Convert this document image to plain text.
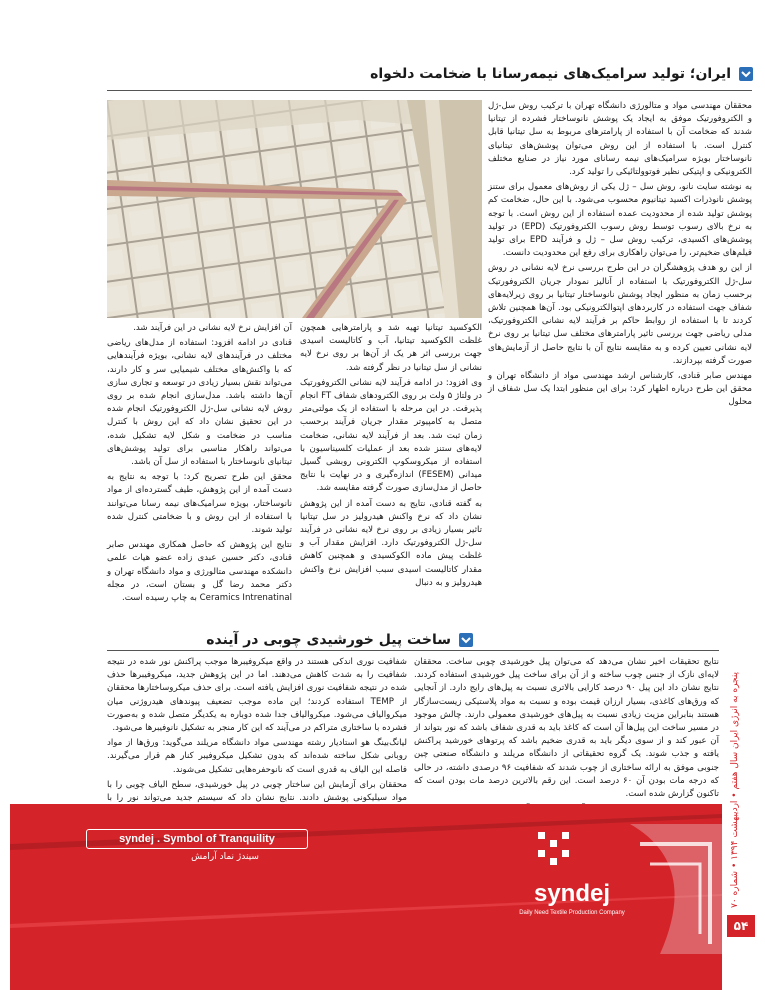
ایران؛ تولید سرامیک‌های نیمه‌رسانا با ضخامت دلخواه

محققان مهندسی مواد و متالورژی دانشگاه تهران با ترکیب روش سل-ژل و الکتروفورتیک موفق به ایجاد یک پوشش نانوساختار فشرده از تیتانیا شدند که ضخامت آن با استفاده از پارامترهای مربوط به سل تیتانیا قابل کنترل است. با استفاده از این روش می‌توان پوشش‌های تیتانیای نانوساختار بویژه سرامیک‌های نیمه رسانای مورد نیاز در صنایع مختلف الکترونیکی و اپتیکی نظیر فوتوولتائیکی را تولید کرد.

به نوشته سایت نانو، روش سل – ژل یکی از روش‌های معمول برای ستنز پوشش نانوذرات اکسید تیتانیوم محسوب می‌شود. با این حال، ضخامت کم پوشش تولید شده از محدودیت عمده استفاده از این روش است. با توجه به نرخ بالای رسوب توسط روش رسوب الکتروفورتیک (EPD) در تولید پوشش‌های اکسیدی، ترکیب روش سل – ژل و فرآیند EPD برای تولید فیلم‌های ضخیم‌تر، را می‌توان راهکاری برای رفع این محدودیت دانست.

از این رو هدف پژوهشگران در این طرح بررسی نرخ لایه نشانی در روش سل-ژل الکتروفورتیک با استفاده از آنالیز نمودار جریان الکتروفورتیک برحسب زمان به منظور ایجاد پوشش نانوساختار تیتانیا بر روی زیرلایه‌های شفاف جهت استفاده در کاربردهای اپتوالکترونیکی بود. آن‌ها همچنین تلاش کردند تا با استفاده از روابط حاکم بر فرآیند لایه نشانی الکتروفورتیک، مدلی ریاضی جهت بررسی تاثیر پارامترهای مختلف سل تیتانیا بر روی نرخ لایه نشانی تعیین کرده و به مقایسه نتایج آن با نتایج حاصل از آزمایش‌های صورت گرفته بپردازند.

مهندس صابر قنادی، کارشناس ارشد مهندسی مواد از دانشگاه تهران و محقق این طرح درباره اظهار کرد: برای این منظور ابتدا یک سل شفاف از محلول

الکوکسید تیتانیا تهیه شد و پارامترهایی همچون غلظت الکوکسید تیتانیا، آب و کاتالیست اسیدی جهت بررسی اثر هر یک از آن‌ها بر روی نرخ لایه نشانی از سل تیتانیا در نظر گرفته شد.

وی افزود: در ادامه فرآیند لایه نشانی الکتروفورتیک در ولتاژ ۵ ولت بر روی الکترودهای شفاف FT انجام پذیرفت. در این مرحله با استفاده از یک مولتی‌متر متصل به کامپیوتر مقدار جریان فرآیند برحسب زمان ثبت شد. بعد از فرآیند لایه نشانی، ضخامت لایه‌های ستنز شده بعد از عملیات کلسیناسیون با استفاده از میکروسکوپ الکترونی روبشی گسیل میدانی (FESEM) اندازه‌گیری و در نهایت با نتایج حاصل از مدل‌سازی صورت گرفته مقایسه شد.

به گفته قنادی، نتایج به دست آمده از این پژوهش نشان داد که نرخ واکنش هیدرولیز در سل تیتانیا تاثیر بسیار زیادی بر روی نرخ لایه نشانی در فرآیند سل-ژل الکتروفورتیک دارد. افزایش مقدار آب و غلظت پیش ماده الکوکسیدی و همچنین کاهش مقدار کاتالیست اسیدی سبب افزایش نرخ واکنش هیدرولیز و به دنبال

آن افزایش نرخ لایه نشانی در این فرآیند شد.

قنادی در ادامه افزود: استفاده از مدل‌های ریاضی مختلف در فرآیندهای لایه نشانی، بویژه فرآیندهایی که با واکنش‌های مختلف شیمیایی سر و کار دارند، می‌تواند نقش بسیار زیادی در توسعه و تجاری سازی آن‌ها داشته باشد. مدل‌سازی انجام شده بر روی روش لایه نشانی سل-ژل الکتروفورتیک انجام شده در این تحقیق نشان داد که این روش با کنترل مناسب در ضخامت و شکل لایه تشکیل شده، می‌تواند راهکار مناسبی برای تولید پوشش‌های تیتانیای نانوساختار با استفاده از سل آن باشد.

محقق این طرح تصریح کرد: با توجه به نتایج به دست آمده از این پژوهش، طیف گسترده‌ای از مواد نانوساختار، بویژه سرامیک‌های نیمه رسانا می‌توانند با استفاده از این روش و با ضخامتی کنترل شده تولید شوند.

نتایج این پژوهش که حاصل همکاری مهندس صابر قنادی، دکتر حسین عبدی زاده عضو هیات علمی دانشکده مهندسی متالورژی و مواد دانشگاه تهران و دکتر محمد رضا گل و بستان است، در مجله Ceramics Intrenatinal به چاپ رسیده است.

ساخت پیل خورشیدی چوبی در آینده

نتایج تحقیقات اخیر نشان می‌دهد که می‌توان پیل خورشیدی چوبی ساخت. محققان لایه‌ای نازک از جنس چوب ساخته و از آن برای ساخت پیل خورشیدی استفاده کردند. نتایج نشان داد این پیل ۹۰ درصد کارایی بالاتری نسبت به پیل‌های رایج دارد. از آنجایی که ورق‌های کاغذی، بسیار ارزان قیمت بوده و نسبت به مواد پلاستیکی زیست‌سازگار هستند بنابراین مزیت زیادی نسبت به پیل‌های خورشیدی معمولی دارند. چالش موجود در مسیر ساخت این پیل‌ها آن است که کاغذ باید به قدری شفاف باشد که نور بتواند از آن عبور کند و از سوی دیگر باید به قدری ضخیم باشد که پرتوهای خورشید پراکنش یافته و جذب شوند. یک گروه تحقیقاتی از دانشگاه مریلند و دانشگاه صنعتی چین جنوبی موفق به ارائه ساختاری از چوب شدند که شفافیت ۹۶ درصدی داشته، در حالی که درجه مات بودن آن ۶۰ درصد است. این رقم بالاترین درصد مات بودن است که تاکنون گزارش شده است.

شفافیت نوری اندکی هستند در واقع میکروفیبرها موجب پراکنش نور شده در نتیجه شفافیت را به شدت کاهش می‌دهند. اما در این پژوهش جدید، میکروفیبرها حذف شده در نتیجه شفافیت نوری افزایش یافته است. برای حذف میکروساختارها محققان از TEMP استفاده کردند؛ این ماده موجب تضعیف پیوندهای هیدروژنی میان میکروالیاف می‌شود. میکروالیاف جدا شده دوباره به یکدیگر متصل شده و به‌صورت فشرده با ساختاری متراکم در می‌آیند که این کار منجر به تشکیل نانوفیبرها می‌شود.

لیانگ‌بینگ هو استادیار رشته مهندسی مواد دانشگاه مریلند می‌گوید: ورق‌ها از مواد روبانی شکل ساخته شده‌اند که بدون تشکیل میکروفیبر کنار هم قرار می‌گیرند. فاصله این الیاف به قدری است که نانوحفره‌هایی تشکیل می‌شوند.

محققان برای آزمایش این ساختار چوبی در پیل خورشیدی، سطح الیاف چوبی را با مواد سیلیکونی پوشش دادند. نتایج نشان داد که سیستم جدید می‌تواند نور را با

پنجره به انرژی ایران سال هفتم • اردیبهشت ۱۳۹۴ • شماره ۷۰
۵۴
syndej . Symbol of Tranquility
سیندژ نماد آرامش
syndej
Daily Need Textile Production Company
